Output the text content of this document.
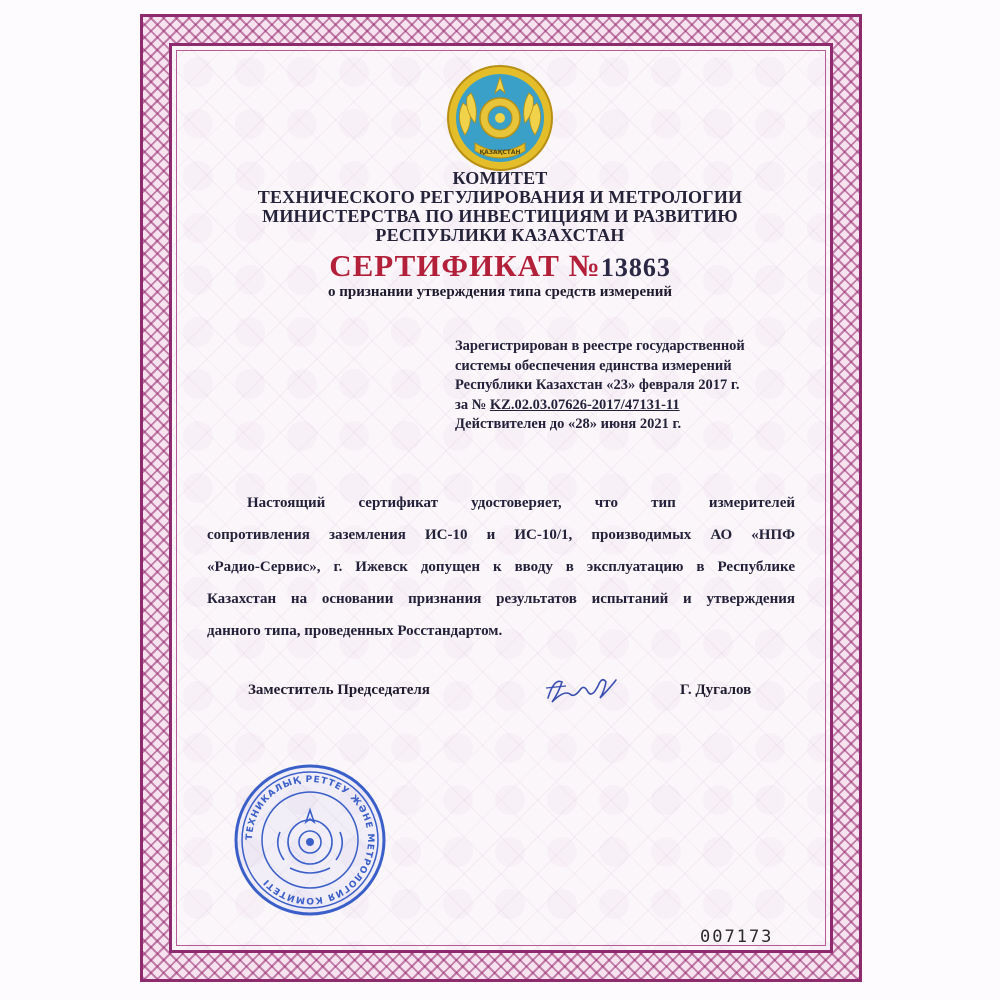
ҚАЗАҚСТАН
КОМИТЕТ
ТЕХНИЧЕСКОГО РЕГУЛИРОВАНИЯ И МЕТРОЛОГИИ
МИНИСТЕРСТВА ПО ИНВЕСТИЦИЯМ И РАЗВИТИЮ
РЕСПУБЛИКИ КАЗАХСТАН
СЕРТИФИКАТ №13863
о признании утверждения типа средств измерений
Зарегистрирован в реестре государственной
системы обеспечения единства измерений
Республики Казахстан «23» февраля 2017 г.
за № KZ.02.03.07626-2017/47131-11
Действителен до «28» июня 2021 г.
Настоящий сертификат удостоверяет, что тип измерителей
сопротивления заземления ИС-10 и ИС-10/1, производимых АО «НПФ
«Радио-Сервис», г. Ижевск допущен к вводу в эксплуатацию в Республике
Казахстан на основании признания результатов испытаний и утверждения
данного типа, проведенных Росстандартом.
Заместитель Председателя	Г. Дугалов
ТЕХНИКАЛЫҚ РЕТТЕУ ЖӘНЕ МЕТРОЛОГИЯ КОМИТЕТІ
007173
